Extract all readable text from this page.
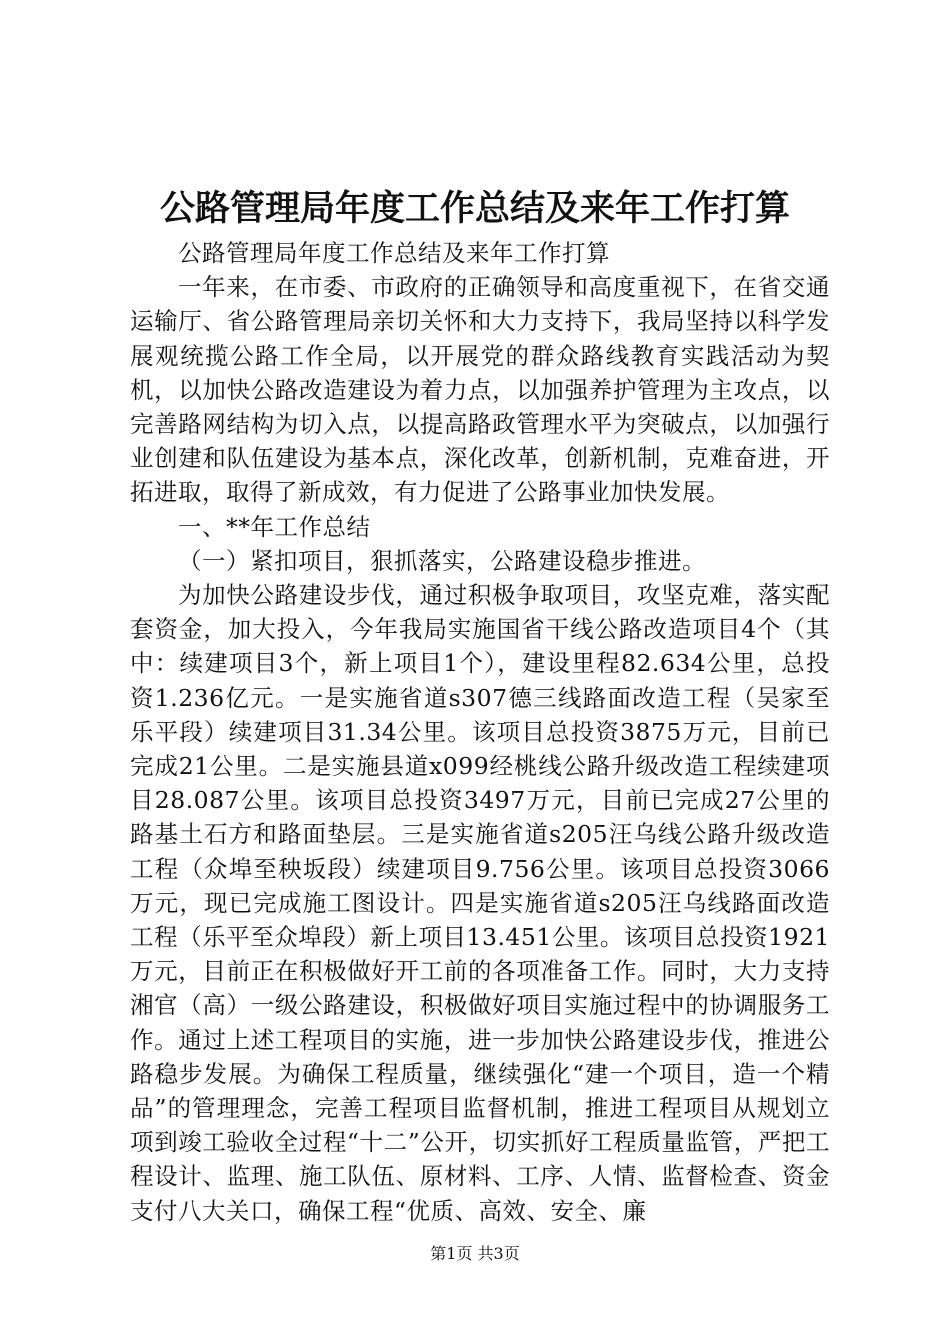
公路管理局年度工作总结及来年工作打算

公路管理局年度工作总结及来年工作打算

一年来，在市委、市政府的正确领导和高度重视下，在省交通运输厅、省公路管理局亲切关怀和大力支持下，我局坚持以科学发展观统揽公路工作全局，以开展党的群众路线教育实践活动为契机，以加快公路改造建设为着力点，以加强养护管理为主攻点，以完善路网结构为切入点，以提高路政管理水平为突破点，以加强行业创建和队伍建设为基本点，深化改革，创新机制，克难奋进，开拓进取，取得了新成效，有力促进了公路事业加快发展。

一、**年工作总结

（一）紧扣项目，狠抓落实，公路建设稳步推进。

为加快公路建设步伐，通过积极争取项目，攻坚克难，落实配套资金，加大投入，今年我局实施国省干线公路改造项目4个（其中：续建项目3个，新上项目1个），建设里程82.634公里，总投资1.236亿元。一是实施省道s307德三线路面改造工程（吴家至乐平段）续建项目31.34公里。该项目总投资3875万元，目前已完成21公里。二是实施县道x099经桃线公路升级改造工程续建项目28.087公里。该项目总投资3497万元，目前已完成27公里的路基土石方和路面垫层。三是实施省道s205汪乌线公路升级改造工程（众埠至秧坂段）续建项目9.756公里。该项目总投资3066万元，现已完成施工图设计。四是实施省道s205汪乌线路面改造工程（乐平至众埠段）新上项目13.451公里。该项目总投资1921万元，目前正在积极做好开工前的各项准备工作。同时，大力支持湘官（高）一级公路建设，积极做好项目实施过程中的协调服务工作。通过上述工程项目的实施，进一步加快公路建设步伐，推进公路稳步发展。为确保工程质量，继续强化“建一个项目，造一个精品”的管理理念，完善工程项目监督机制，推进工程项目从规划立项到竣工验收全过程“十二”公开，切实抓好工程质量监管，严把工程设计、监理、施工队伍、原材料、工序、人情、监督检查、资金支付八大关口，确保工程“优质、高效、安全、廉

第1页 共3页
